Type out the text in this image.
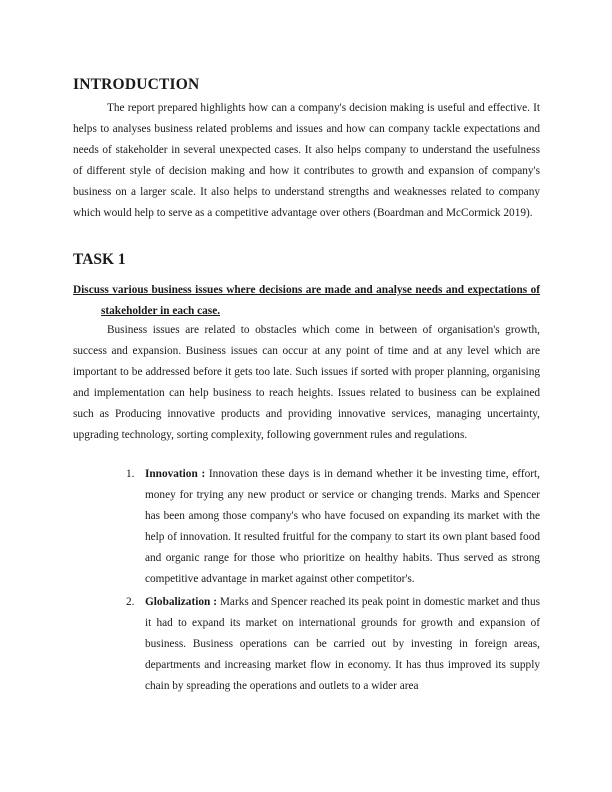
INTRODUCTION

The report prepared highlights how can a company's decision making is useful and effective. It helps to analyses business related problems and issues and how can company tackle expectations and needs of stakeholder in several unexpected cases. It also helps company to understand the usefulness of different style of decision making and how it contributes to growth and expansion of company's business on a larger scale. It also helps to understand strengths and weaknesses related to company which would help to serve as a competitive advantage over others (Boardman and McCormick 2019).

TASK 1
Discuss various business issues where decisions are made and analyse needs and expectations of stakeholder in each case.

Business issues are related to obstacles which come in between of organisation's growth, success and expansion. Business issues can occur at any point of time and at any level which are important to be addressed before it gets too late. Such issues if sorted with proper planning, organising and implementation can help business to reach heights. Issues related to business can be explained such as Producing innovative products and providing innovative services, managing uncertainty, upgrading technology, sorting complexity, following government rules and regulations.

1. Innovation : Innovation these days is in demand whether it be investing time, effort, money for trying any new product or service or changing trends. Marks and Spencer has been among those company's who have focused on expanding its market with the help of innovation. It resulted fruitful for the company to start its own plant based food and organic range for those who prioritize on healthy habits. Thus served as strong competitive advantage in market against other competitor's.
2. Globalization : Marks and Spencer reached its peak point in domestic market and thus it had to expand its market on international grounds for growth and expansion of business. Business operations can be carried out by investing in foreign areas, departments and increasing market flow in economy. It has thus improved its supply chain by spreading the operations and outlets to a wider area
